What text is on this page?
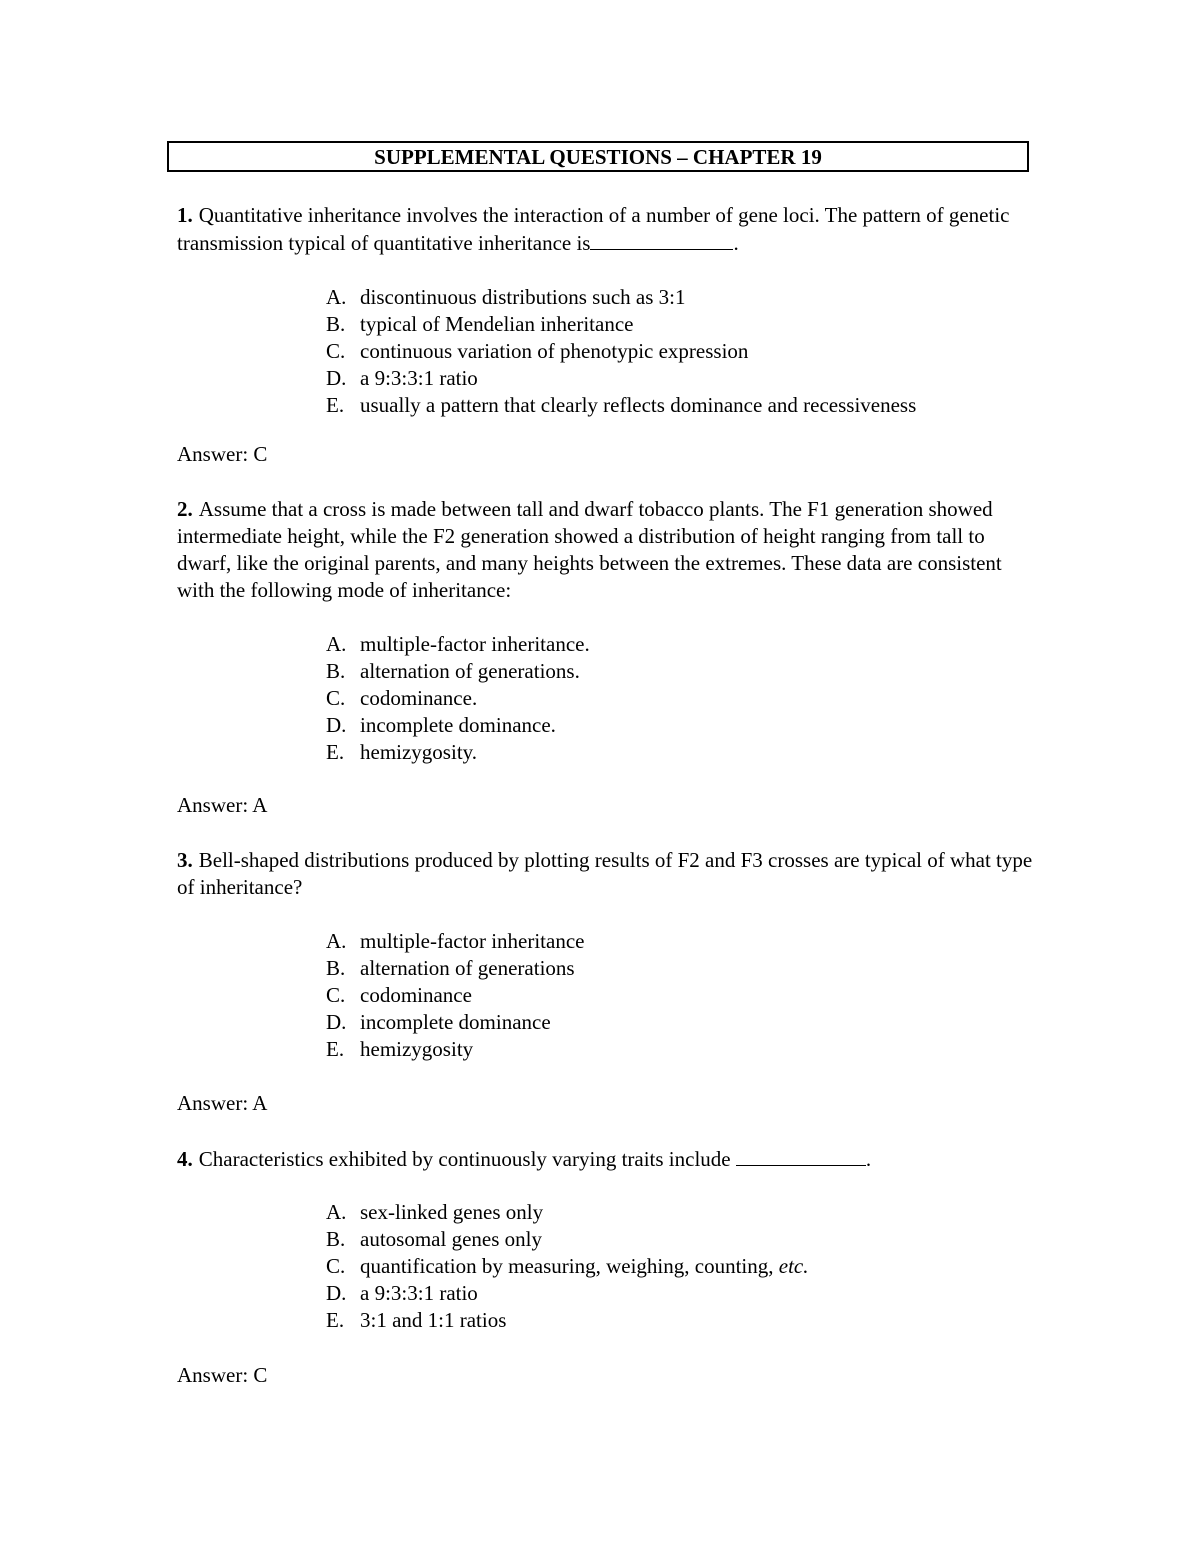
SUPPLEMENTAL QUESTIONS – CHAPTER 19
1. Quantitative inheritance involves the interaction of a number of gene loci. The pattern of genetic transmission typical of quantitative inheritance is	.
A. discontinuous distributions such as 3:1
B. typical of Mendelian inheritance
C. continuous variation of phenotypic expression
D. a 9:3:3:1 ratio
E. usually a pattern that clearly reflects dominance and recessiveness
Answer: C
2. Assume that a cross is made between tall and dwarf tobacco plants. The F1 generation showed intermediate height, while the F2 generation showed a distribution of height ranging from tall to dwarf, like the original parents, and many heights between the extremes. These data are consistent with the following mode of inheritance:
A. multiple-factor inheritance.
B. alternation of generations.
C. codominance.
D. incomplete dominance.
E. hemizygosity.
Answer: A
3. Bell-shaped distributions produced by plotting results of F2 and F3 crosses are typical of what type of inheritance?
A. multiple-factor inheritance
B. alternation of generations
C. codominance
D. incomplete dominance
E. hemizygosity
Answer: A
4. Characteristics exhibited by continuously varying traits include	.
A. sex-linked genes only
B. autosomal genes only
C. quantification by measuring, weighing, counting, etc.
D. a 9:3:3:1 ratio
E. 3:1 and 1:1 ratios
Answer: C
